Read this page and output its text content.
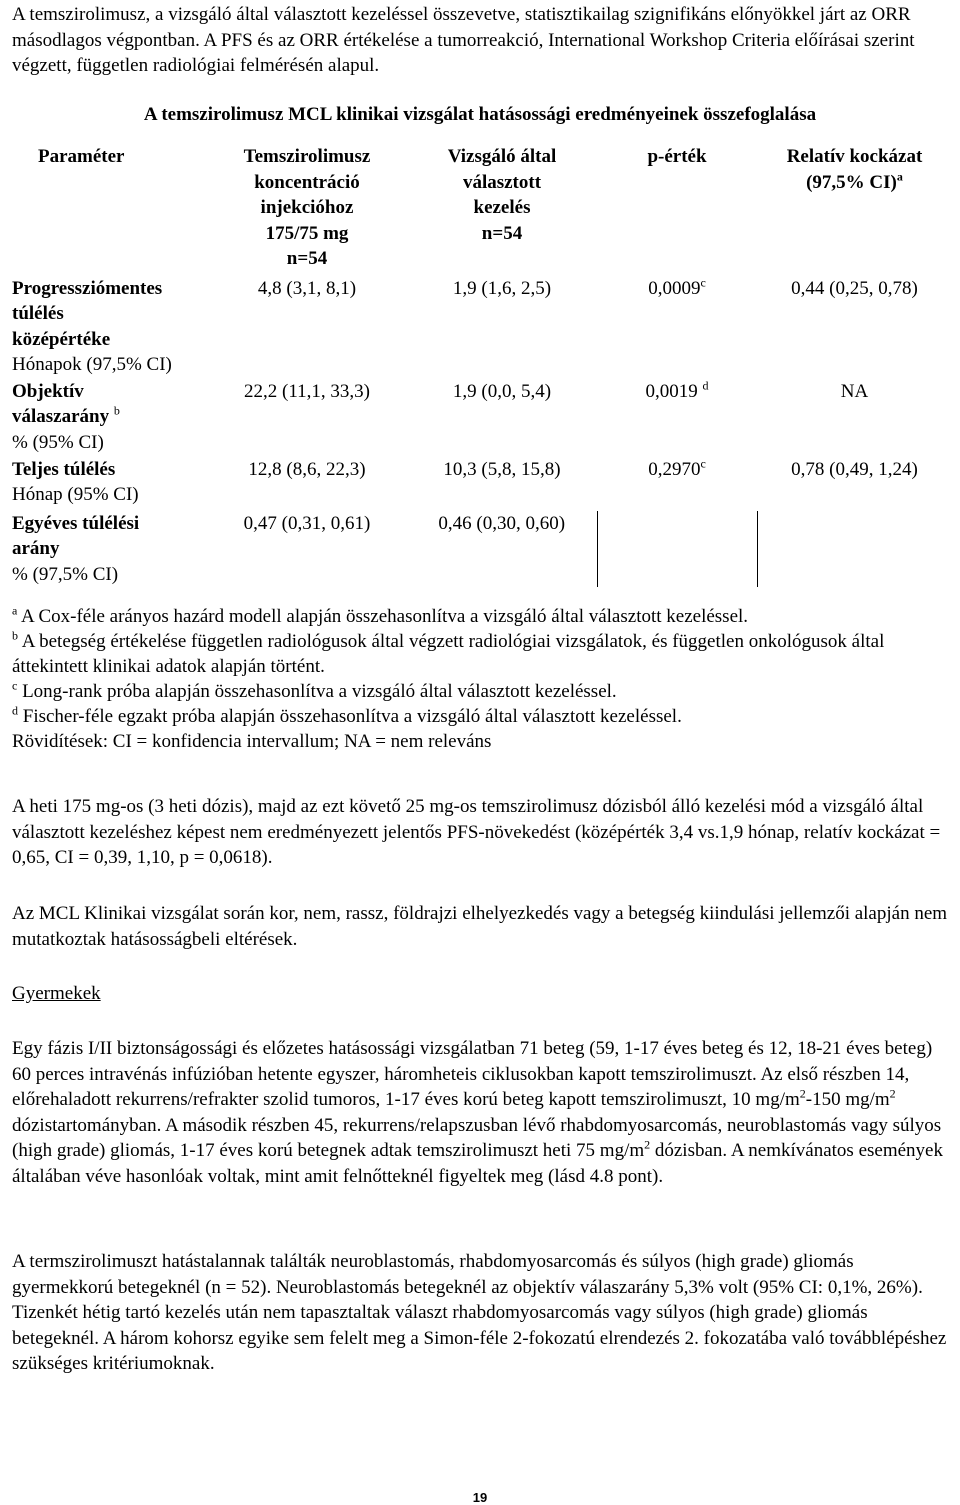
A temszirolimusz, a vizsgáló által választott kezeléssel összevetve, statisztikailag szignifikáns előnyökkel járt az ORR másodlagos végpontban. A PFS és az ORR értékelése a tumorreakció, International Workshop Criteria előírásai szerint végzett, független radiológiai felmérésén alapul.

A temszirolimusz MCL klinikai vizsgálat hatásossági eredményeinek összefoglalása
Paraméter	Temszirolimusz
koncentráció
injekcióhoz
175/75 mg
n=54	Vizsgáló által
választott
kezelés
n=54	p-érték	Relatív kockázat
(97,5% CI)$^a$

Progressziómentes
túlélés
középértéke
Hónapok (97,5% CI)	4,8 (3,1, 8,1)	1,9 (1,6, 2,5)	0,0009$^c$	0,44 (0,25, 0,78)

Objektív
válaszarány $^b$
% (95% CI)	22,2 (11,1, 33,3)	1,9 (0,0, 5,4)	0,0019 $^d$	NA

Teljes túlélés
Hónap (95% CI)	12,8 (8,6, 22,3)	10,3 (5,8, 15,8)	0,2970$^c$	0,78 (0,49, 1,24)

Egyéves túlélési
arány
% (97,5% CI)	0,47 (0,31, 0,61)	0,46 (0,30, 0,60)		

$^a$ A Cox-féle arányos hazárd modell alapján összehasonlítva a vizsgáló által választott kezeléssel.

$^b$ A betegség értékelése független radiológusok által végzett radiológiai vizsgálatok, és független onkológusok által áttekintett klinikai adatok alapján történt.

$^c$ Long-rank próba alapján összehasonlítva a vizsgáló által választott kezeléssel.

$^d$ Fischer-féle egzakt próba alapján összehasonlítva a vizsgáló által választott kezeléssel.

Rövidítések: CI = konfidencia intervallum; NA = nem releváns

A heti 175 mg-os (3 heti dózis), majd az ezt követő 25 mg-os temszirolimusz dózisból álló kezelési mód a vizsgáló által választott kezeléshez képest nem eredményezett jelentős PFS-növekedést (középérték 3,4 vs.1,9 hónap, relatív kockázat = 0,65, CI = 0,39, 1,10, p = 0,0618).

Az MCL Klinikai vizsgálat során kor, nem, rassz, földrajzi elhelyezkedés vagy a betegség kiindulási jellemzői alapján nem mutatkoztak hatásosságbeli eltérések.

Gyermekek

Egy fázis I/II biztonságossági és előzetes hatásossági vizsgálatban 71 beteg (59, 1-17 éves beteg és 12, 18-21 éves beteg) 60 perces intravénás infúzióban hetente egyszer, háromheteis ciklusokban kapott temszirolimuszt. Az első részben 14, előrehaladott rekurrens/refrakter szolid tumoros, 1-17 éves korú beteg kapott temszirolimuszt, 10 $mg/m^2-150$ $mg/m^2$ dózistartományban. A második részben 45, rekurrens/relapszusban lévő rhabdomyosarcomás, neuroblastomás vagy súlyos (high grade) gliomás, 1-17 éves korú betegnek adtak temszirolimuszt heti 75 $mg/m^2$ dózisban. A nemkívánatos események általában véve hasonlóak voltak, mint amit felnőtteknél figyeltek meg (lásd 4.8 pont).

A termszirolimuszt hatástalannak találták neuroblastomás, rhabdomyosarcomás és súlyos (high grade) gliomás gyermekkorú betegeknél (n = 52). Neuroblastomás betegeknél az objektív válaszarány 5,3% volt (95% CI: 0,1%, 26%). Tizenkét hétig tartó kezelés után nem tapasztaltak választ rhabdomyosarcomás vagy súlyos (high grade) gliomás betegeknél. A három kohorsz egyike sem felelt meg a Simon-féle 2-fokozatú elrendezés 2. fokozatába való továbblépéshez szükséges kritériumoknak.

19
